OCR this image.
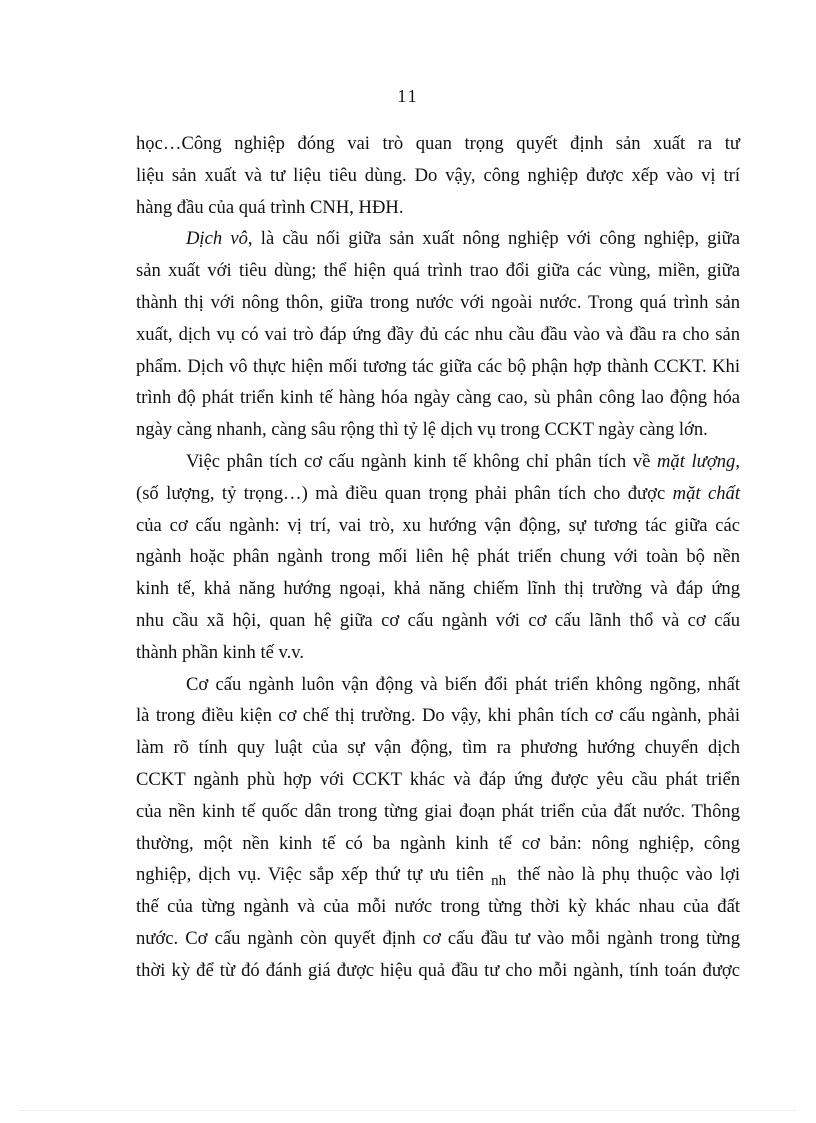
11
học…Công nghiệp đóng vai trò quan trọng quyết định sản xuất ra tư
liệu sản xuất và tư liệu tiêu dùng. Do vậy, công nghiệp được xếp vào vị trí
hàng đầu của quá trình CNH, HĐH.
Dịch vô, là cầu nối giữa sản xuất nông nghiệp với công nghiệp, giữa
sản xuất với tiêu dùng; thể hiện quá trình trao đổi giữa các vùng, miền, giữa
thành thị với nông thôn, giữa trong nước với ngoài nước. Trong quá trình sản
xuất, dịch vụ có vai trò đáp ứng đầy đủ các nhu cầu đầu vào và đầu ra cho sản
phẩm. Dịch vô thực hiện mối tương tác giữa các bộ phận hợp thành CCKT. Khi
trình độ phát triển kinh tế hàng hóa ngày càng cao, sù phân công lao động hóa
ngày càng nhanh, càng sâu rộng thì tỷ lệ dịch vụ trong CCKT ngày càng lớn.
Việc phân tích cơ cấu ngành kinh tế không chỉ phân tích về mặt lượng,
(số lượng, tỷ trọng…) mà điều quan trọng phải phân tích cho được mặt chất
của cơ cấu ngành: vị trí, vai trò, xu hướng vận động, sự tương tác giữa các
ngành hoặc phân ngành trong mối liên hệ phát triển chung với toàn bộ nền
kinh tế, khả năng hướng ngoại, khả năng chiếm lĩnh thị trường và đáp ứng
nhu cầu xã hội, quan hệ giữa cơ cấu ngành với cơ cấu lãnh thổ và cơ cấu
thành phần kinh tế v.v.
Cơ cấu ngành luôn vận động và biến đổi phát triển không ngõng, nhất
là trong điều kiện cơ chế thị trường. Do vậy, khi phân tích cơ cấu ngành, phải
làm rõ tính quy luật của sự vận động, tìm ra phương hướng chuyển dịch
CCKT ngành phù hợp với CCKT khác và đáp ứng được yêu cầu phát triển
của nền kinh tế quốc dân trong từng giai đoạn phát triển của đất nước. Thông
thường, một nền kinh tế có ba ngành kinh tế cơ bản: nông nghiệp, công
nghiệp, dịch vụ. Việc sắp xếp thứ tự ưu tiên $_{nh}$ thế nào là phụ thuộc vào lợi
thế của từng ngành và của mỗi nước trong từng thời kỳ khác nhau của đất
nước. Cơ cấu ngành còn quyết định cơ cấu đầu tư vào mỗi ngành trong từng
thời kỳ để từ đó đánh giá được hiệu quả đầu tư cho mỗi ngành, tính toán được
